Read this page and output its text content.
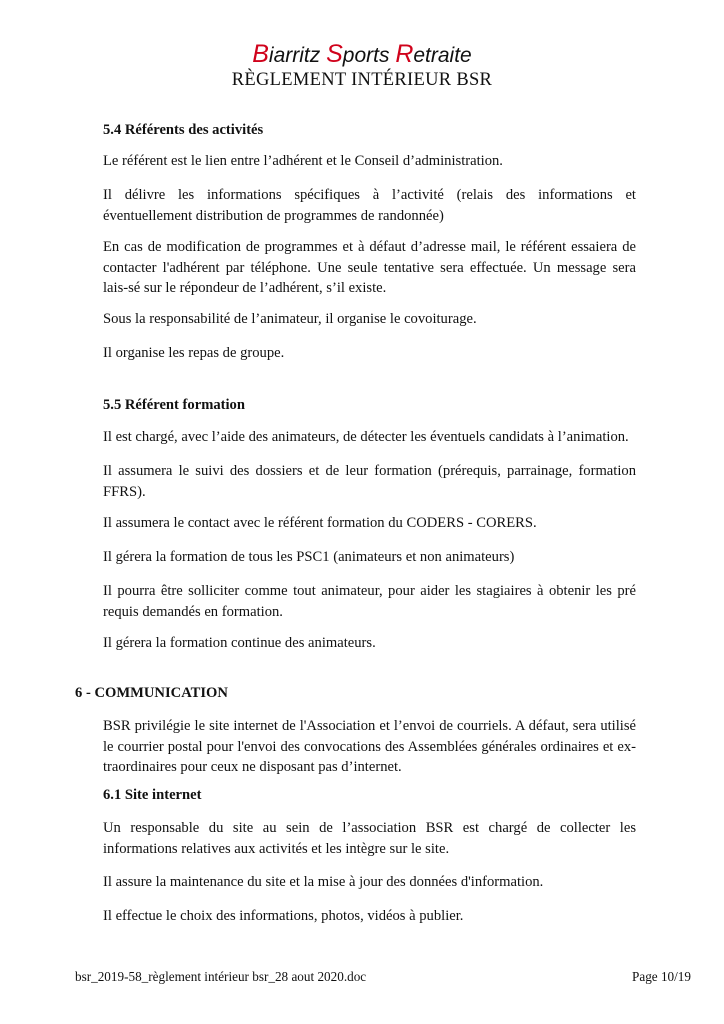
Biarritz Sports Retraite
RÈGLEMENT INTÉRIEUR BSR
5.4 Référents des activités
Le référent est le lien entre l’adhérent et le Conseil d’administration.
Il délivre les informations spécifiques à l’activité (relais des informations et éventuellement distribution de programmes de randonnée)
En cas de modification de programmes et à défaut d’adresse mail, le référent essaiera de contacter l'adhérent par téléphone. Une seule tentative sera effectuée. Un message sera lais-sé sur le répondeur de l’adhérent, s’il existe.
Sous la responsabilité de l’animateur, il organise le covoiturage.
Il organise les repas de groupe.
5.5 Référent formation
Il est chargé, avec l’aide des animateurs, de détecter les éventuels candidats à l’animation.
Il assumera le suivi des dossiers et de leur formation (prérequis, parrainage, formation FFRS).
Il assumera le contact avec le référent formation du CODERS - CORERS.
Il gérera la formation de tous les PSC1 (animateurs et non animateurs)
Il pourra être solliciter comme tout animateur, pour aider les stagiaires à obtenir les pré requis demandés en formation.
Il gérera la formation continue des animateurs.
6 - COMMUNICATION
BSR privilégie le site internet de l'Association et l’envoi de courriels. A défaut, sera utilisé le courrier postal pour l'envoi des convocations des Assemblées générales ordinaires et ex-traordinaires pour ceux ne disposant pas d’internet.
6.1 Site internet
Un responsable du site au sein de l’association BSR est chargé de collecter les informations relatives aux activités et les intègre sur le site.
Il assure la maintenance du site et la mise à jour des données d'information.
Il effectue le choix des informations, photos, vidéos à publier.
bsr_2019-58_règlement intérieur bsr_28 aout 2020.doc	Page 10/19
